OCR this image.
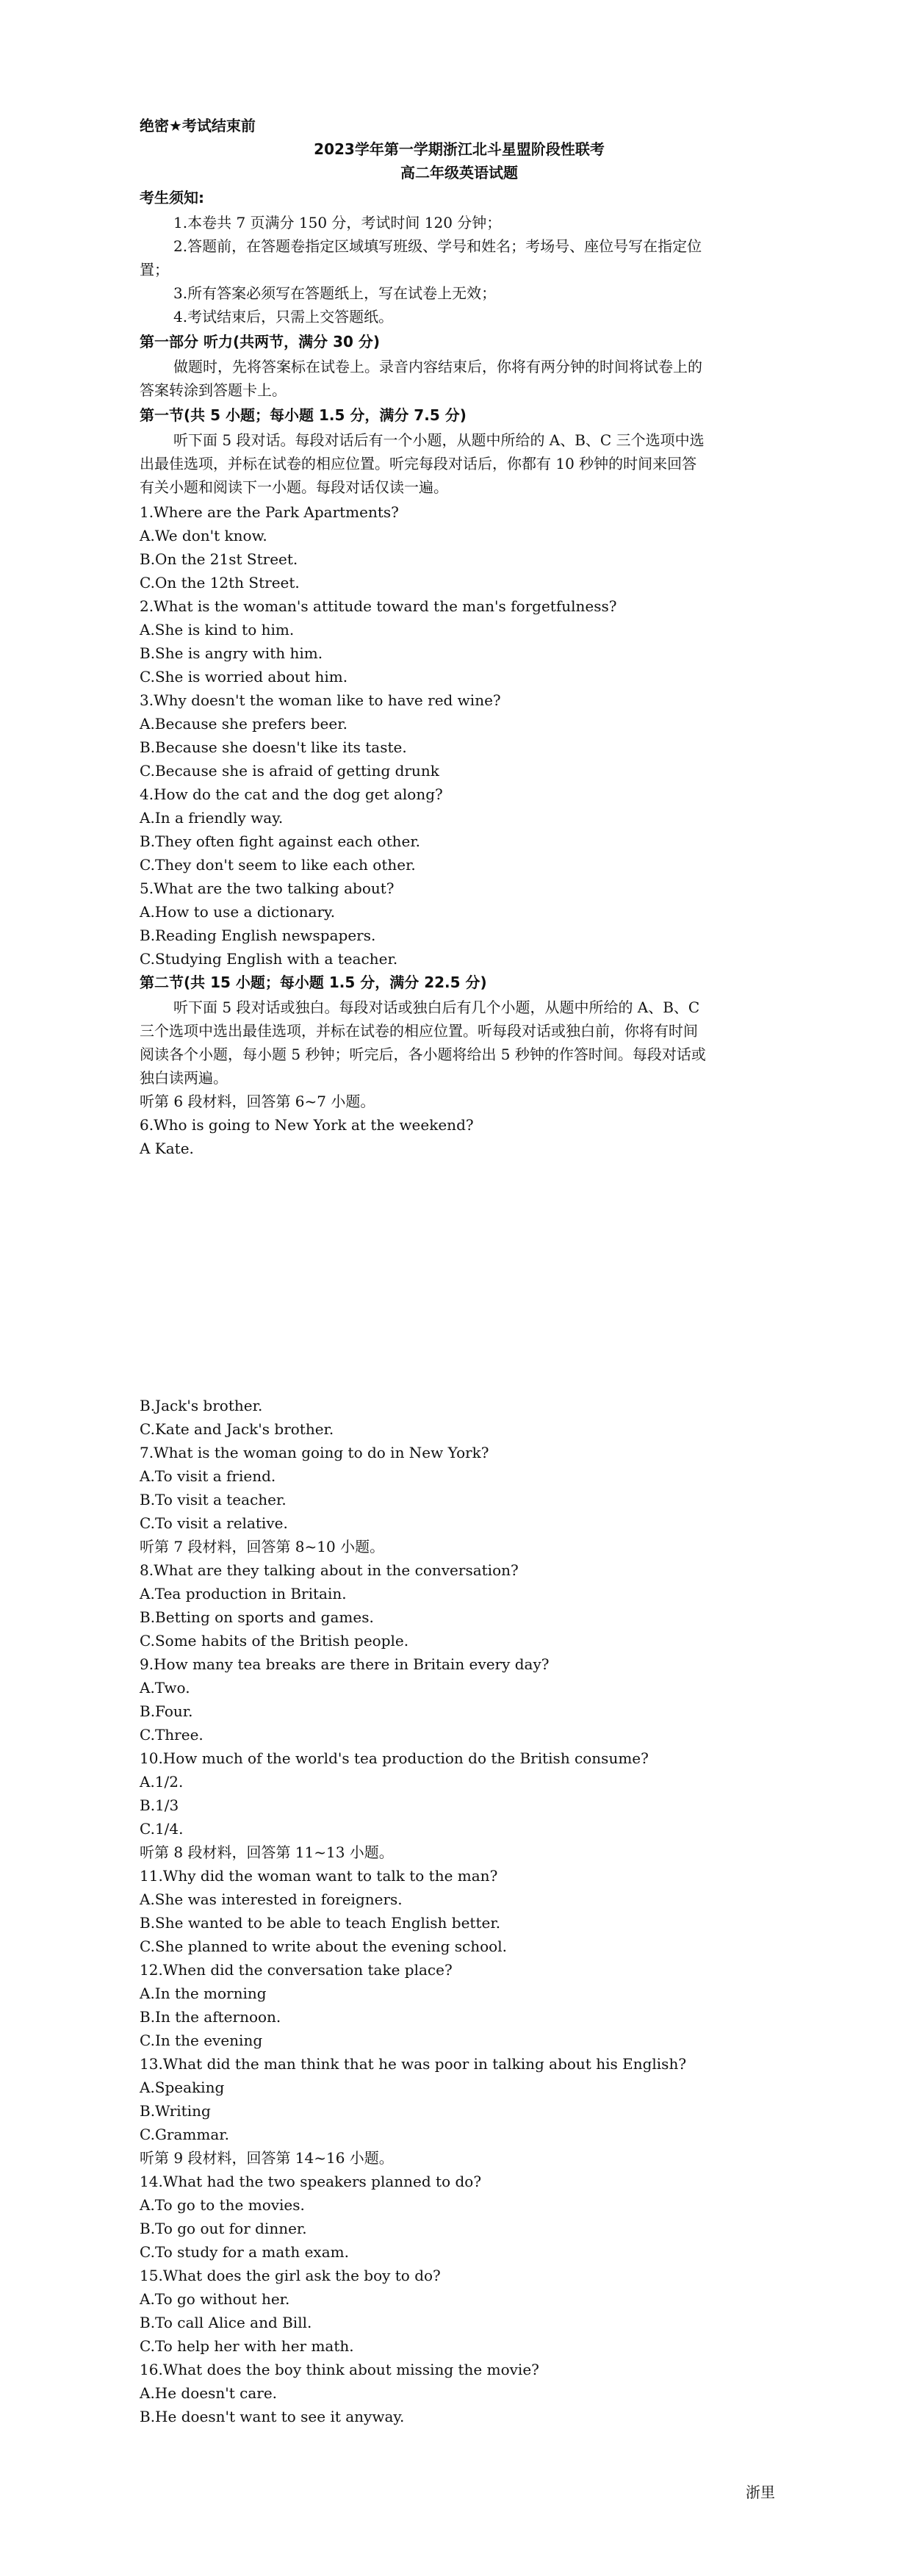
绝密★考试结束前
2023学年第一学期浙江北斗星盟阶段性联考
高二年级英语试题
考生须知:
1.本卷共 7 页满分 150 分，考试时间 120 分钟；
2.答题前，在答题卷指定区域填写班级、学号和姓名；考场号、座位号写在指定位
置；
3.所有答案必须写在答题纸上，写在试卷上无效；
4.考试结束后，只需上交答题纸。
第一部分 听力(共两节，满分 30 分)
做题时，先将答案标在试卷上。录音内容结束后，你将有两分钟的时间将试卷上的
答案转涂到答题卡上。
第一节(共 5 小题；每小题 1.5 分，满分 7.5 分)
听下面 5 段对话。每段对话后有一个小题，从题中所给的 A、B、C 三个选项中选
出最佳选项，并标在试卷的相应位置。听完每段对话后，你都有 10 秒钟的时间来回答
有关小题和阅读下一小题。每段对话仅读一遍。
1.Where are the Park Apartments?
A.We don't know.
B.On the 21st Street.
C.On the 12th Street.
2.What is the woman's attitude toward the man's forgetfulness?
A.She is kind to him.
B.She is angry with him.
C.She is worried about him.
3.Why doesn't the woman like to have red wine?
A.Because she prefers beer.
B.Because she doesn't like its taste.
C.Because she is afraid of getting drunk
4.How do the cat and the dog get along?
A.In a friendly way.
B.They often fight against each other.
C.They don't seem to like each other.
5.What are the two talking about?
A.How to use a dictionary.
B.Reading English newspapers.
C.Studying English with a teacher.
第二节(共 15 小题；每小题 1.5 分，满分 22.5 分)
听下面 5 段对话或独白。每段对话或独白后有几个小题，从题中所给的 A、B、C
三个选项中选出最佳选项，并标在试卷的相应位置。听每段对话或独白前，你将有时间
阅读各个小题，每小题 5 秒钟；听完后，各小题将给出 5 秒钟的作答时间。每段对话或
独白读两遍。
听第 6 段材料，回答第 6~7 小题。
6.Who is going to New York at the weekend?
A Kate.
B.Jack's brother.
C.Kate and Jack's brother.
7.What is the woman going to do in New York?
A.To visit a friend.
B.To visit a teacher.
C.To visit a relative.
听第 7 段材料，回答第 8~10 小题。
8.What are they talking about in the conversation?
A.Tea production in Britain.
B.Betting on sports and games.
C.Some habits of the British people.
9.How many tea breaks are there in Britain every day?
A.Two.
B.Four.
C.Three.
10.How much of the world's tea production do the British consume?
A.1/2.
B.1/3
C.1/4.
听第 8 段材料，回答第 11~13 小题。
11.Why did the woman want to talk to the man?
A.She was interested in foreigners.
B.She wanted to be able to teach English better.
C.She planned to write about the evening school.
12.When did the conversation take place?
A.In the morning
B.In the afternoon.
C.In the evening
13.What did the man think that he was poor in talking about his English?
A.Speaking
B.Writing
C.Grammar.
听第 9 段材料，回答第 14~16 小题。
14.What had the two speakers planned to do?
A.To go to the movies.
B.To go out for dinner.
C.To study for a math exam.
15.What does the girl ask the boy to do?
A.To go without her.
B.To call Alice and Bill.
C.To help her with her math.
16.What does the boy think about missing the movie?
A.He doesn't care.
B.He doesn't want to see it anyway.
浙里
